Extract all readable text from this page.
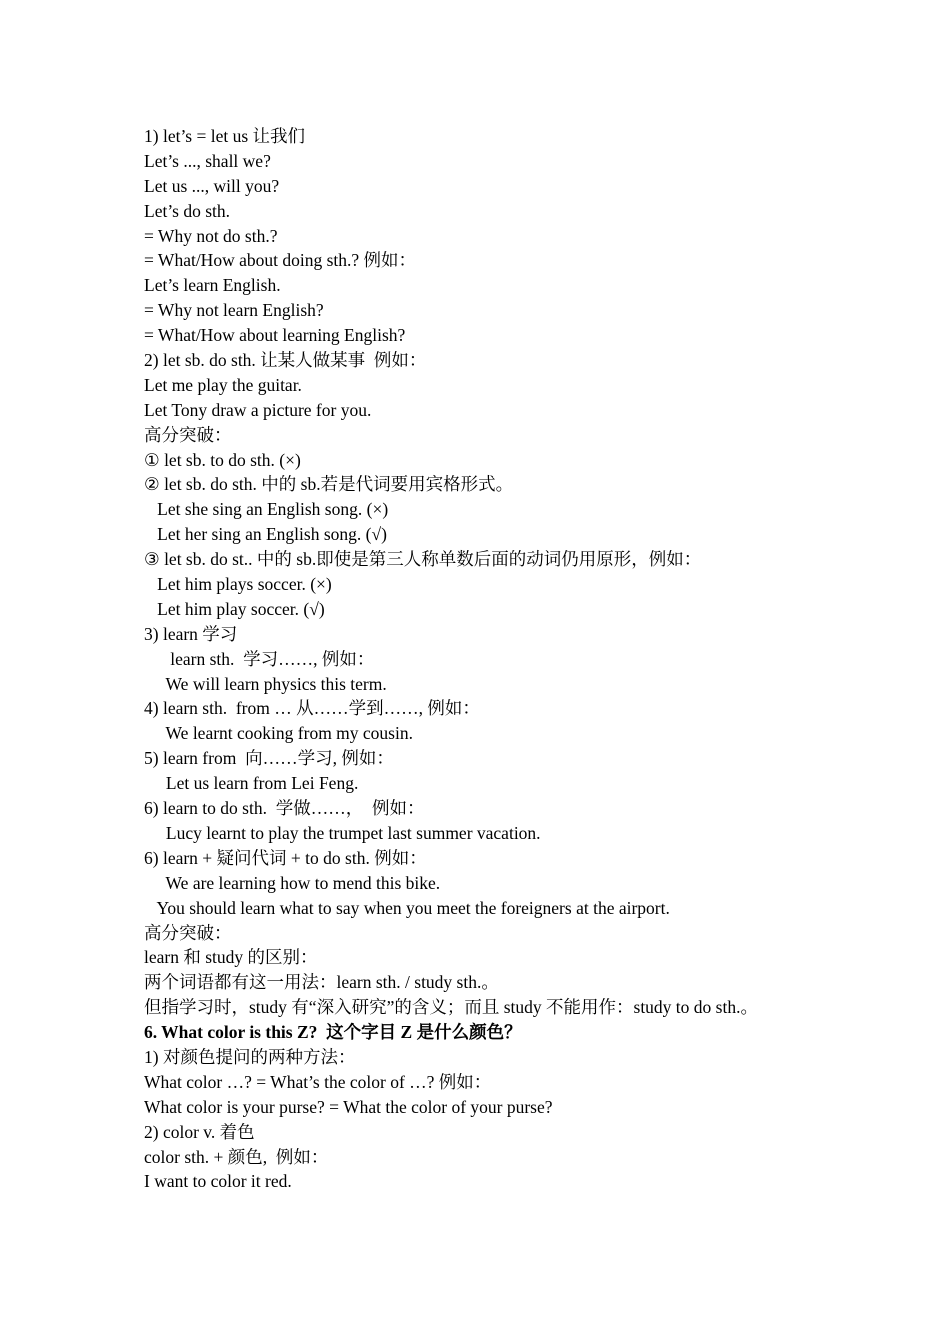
1) let’s = let us 让我们
Let’s ..., shall we?
Let us ..., will you?
Let’s do sth.
= Why not do sth.?
= What/How about doing sth.? 例如：
Let’s learn English.
= Why not learn English?
= What/How about learning English?
2) let sb. do sth. 让某人做某事  例如：
Let me play the guitar.
Let Tony draw a picture for you.
高分突破：
① let sb. to do sth. (×)
② let sb. do sth. 中的 sb.若是代词要用宾格形式。
Let she sing an English song. (×)
Let her sing an English song. (√)
③ let sb. do st.. 中的 sb.即使是第三人称单数后面的动词仍用原形，例如：
Let him plays soccer. (×)
Let him play soccer. (√)
3) learn 学习
learn sth.  学习……, 例如：
We will learn physics this term.
4) learn sth.  from … 从……学到……, 例如：
We learnt cooking from my cousin.
5) learn from  向……学习, 例如：
Let us learn from Lei Feng.
6) learn to do sth.  学做……，  例如：
Lucy learnt to play the trumpet last summer vacation.
6) learn + 疑问代词 + to do sth. 例如：
We are learning how to mend this bike.
You should learn what to say when you meet the foreigners at the airport.
高分突破：
learn 和 study 的区别：
两个词语都有这一用法：learn sth. / study sth.。
但指学习时，study 有“深入研究”的含义；而且 study 不能用作：study to do sth.。
6. What color is this Z?  这个字目 Z 是什么颜色？
1) 对颜色提问的两种方法：
What color …? = What’s the color of …? 例如：
What color is your purse? = What the color of your purse?
2) color v. 着色
color sth. + 颜色,  例如：
I want to color it red.
